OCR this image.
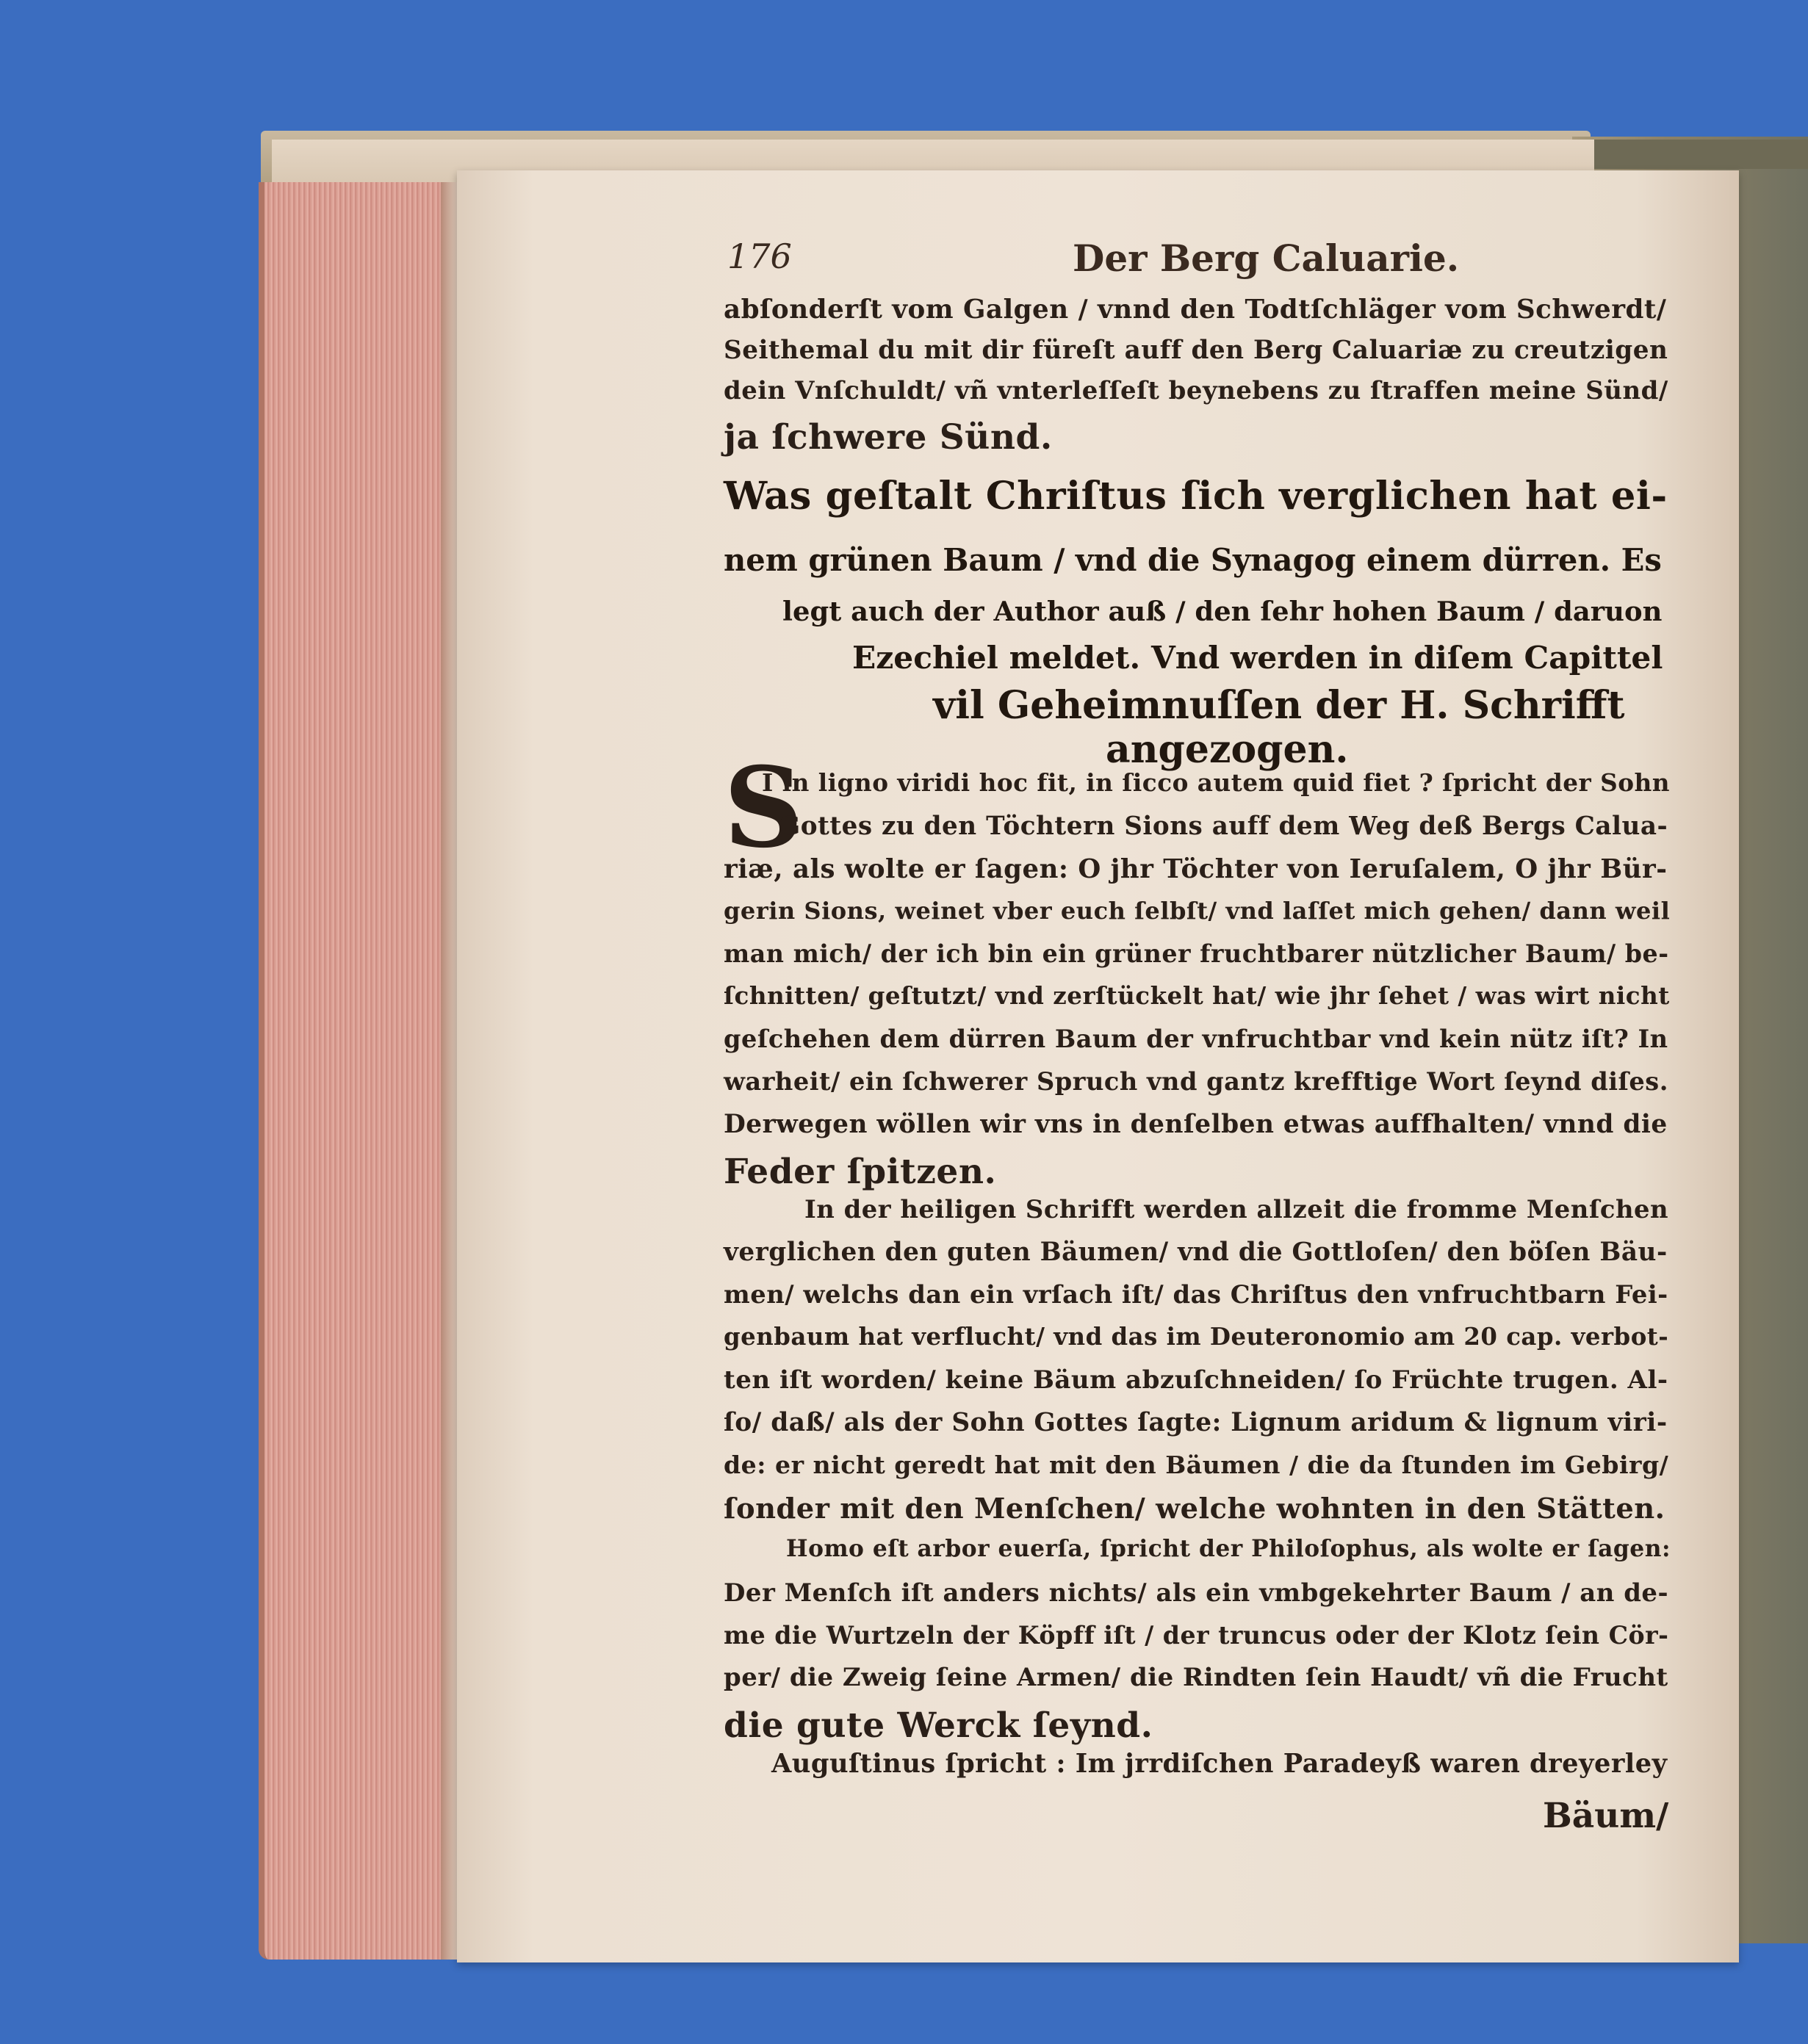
176	Der Berg Caluarie.
abſonderſt vom Galgen / vnnd den Todtſchläger vom Schwerdt/
Seithemal du mit dir füreſt auff den Berg Caluariæ zu creutzigen
dein Vnſchuldt/ vñ vnterleſſeſt beynebens zu ſtraffen meine Sünd/
ja ſchwere Sünd.
Was geſtalt Chriſtus ſich verglichen hat ei-
nem grünen Baum / vnd die Synagog einem dürren. Es
legt auch der Author auß / den ſehr hohen Baum / daruon
Ezechiel meldet. Vnd werden in diſem Capittel
vil Geheimnuſſen der H. Schrifft
angezogen.
S
I in ligno viridi hoc fit, in ſicco autem quid fiet ? ſpricht der Sohn
Gottes zu den Töchtern Sions auff dem Weg deß Bergs Calua-
riæ, als wolte er ſagen: O jhr Töchter von Ieruſalem, O jhr Bür-
gerin Sions, weinet vber euch ſelbſt/ vnd laſſet mich gehen/ dann weil
man mich/ der ich bin ein grüner fruchtbarer nützlicher Baum/ be-
ſchnitten/ geſtutzt/ vnd zerſtückelt hat/ wie jhr ſehet / was wirt nicht
geſchehen dem dürren Baum der vnfruchtbar vnd kein nütz iſt? In
warheit/ ein ſchwerer Spruch vnd gantz krefftige Wort ſeynd diſes.
Derwegen wöllen wir vns in denſelben etwas auffhalten/ vnnd die
Feder ſpitzen.
In der heiligen Schrifft werden allzeit die fromme Menſchen
verglichen den guten Bäumen/ vnd die Gottloſen/ den böſen Bäu-
men/ welchs dan ein vrſach iſt/ das Chriſtus den vnfruchtbarn Fei-
genbaum hat verflucht/ vnd das im Deuteronomio am 20 cap. verbot-
ten iſt worden/ keine Bäum abzuſchneiden/ ſo Früchte trugen. Al-
ſo/ daß/ als der Sohn Gottes ſagte: Lignum aridum & lignum viri-
de: er nicht geredt hat mit den Bäumen / die da ſtunden im Gebirg/
ſonder mit den Menſchen/ welche wohnten in den Stätten.
Homo eſt arbor euerſa, ſpricht der Philoſophus, als wolte er ſagen:
Der Menſch iſt anders nichts/ als ein vmbgekehrter Baum / an de-
me die Wurtzeln der Köpff iſt / der truncus oder der Klotz ſein Cör-
per/ die Zweig ſeine Armen/ die Rindten ſein Haudt/ vñ die Frucht
die gute Werck ſeynd.
Auguſtinus ſpricht : Im jrrdiſchen Paradeyß waren dreyerley
Bäum/
